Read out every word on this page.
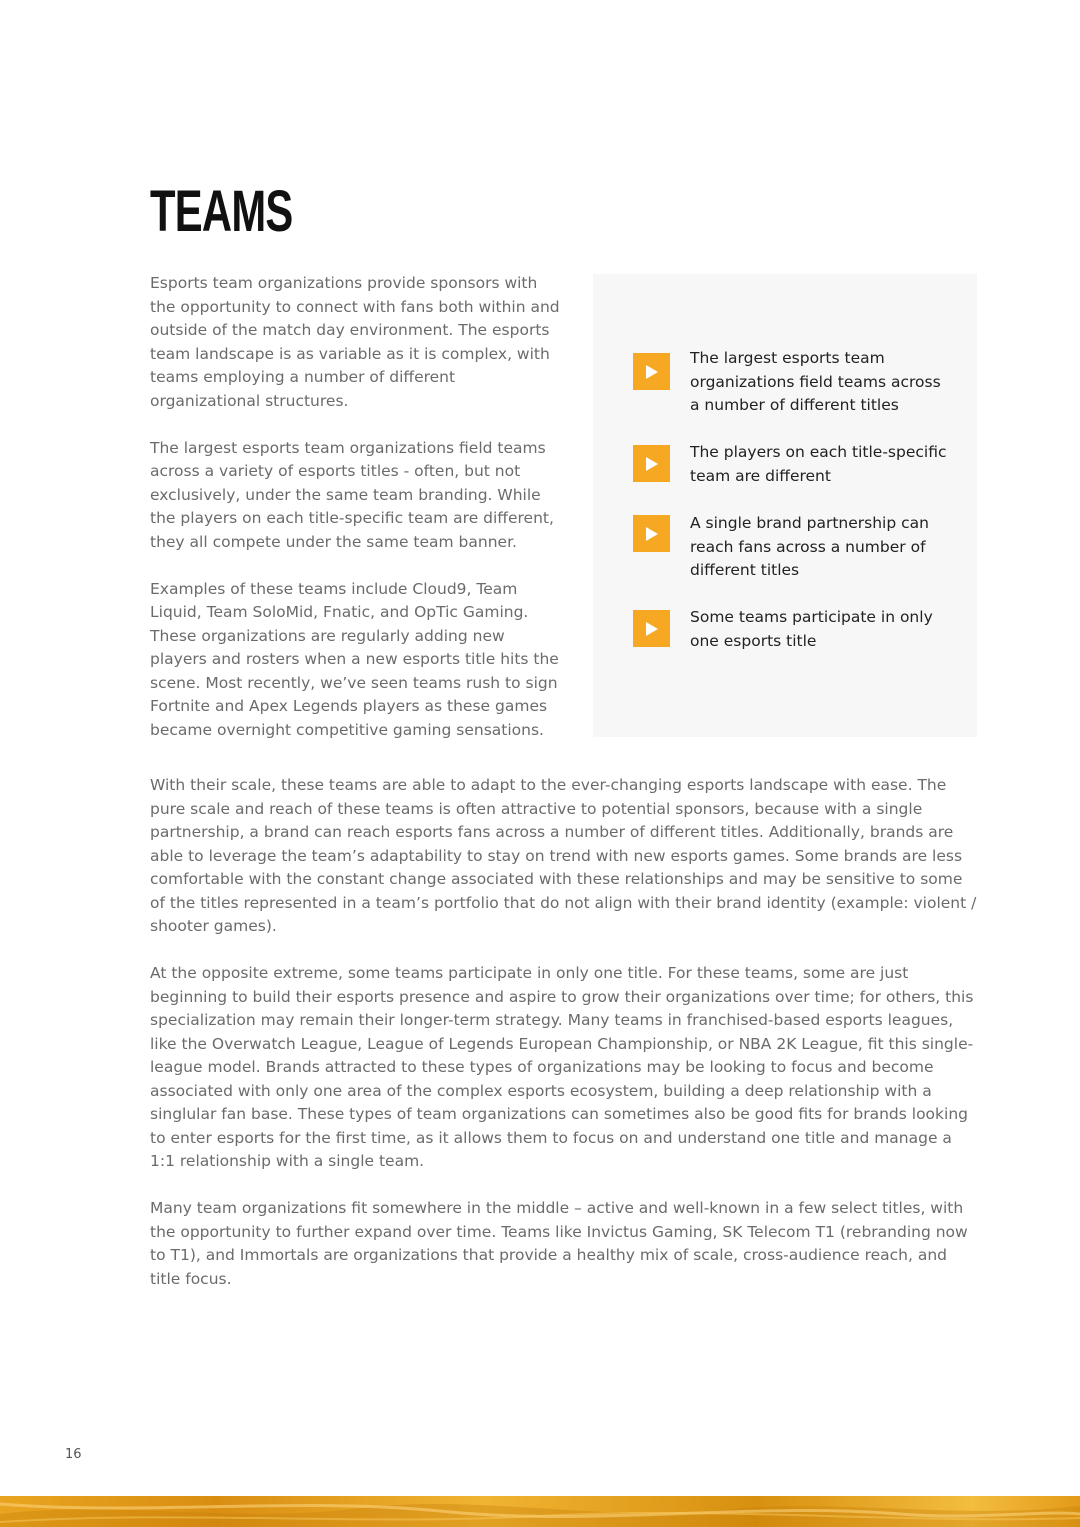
TEAMS

Esports team organizations provide sponsors with the opportunity to connect with fans both within and outside of the match day environment. The esports team landscape is as variable as it is complex, with teams employing a number of different organizational structures.

The largest esports team organizations field teams across a variety of esports titles - often, but not exclusively, under the same team branding. While the players on each title-specific team are different, they all compete under the same team banner.

Examples of these teams include Cloud9, Team Liquid, Team SoloMid, Fnatic, and OpTic Gaming. These organizations are regularly adding new players and rosters when a new esports title hits the scene. Most recently, we’ve seen teams rush to sign Fortnite and Apex Legends players as these games became overnight competitive gaming sensations.

The largest esports team organizations field teams across a number of different titles
The players on each title-specific team are different
A single brand partnership can reach fans across a number of different titles
Some teams participate in only one esports title

With their scale, these teams are able to adapt to the ever-changing esports landscape with ease. The pure scale and reach of these teams is often attractive to potential sponsors, because with a single partnership, a brand can reach esports fans across a number of different titles. Additionally, brands are able to leverage the team’s adaptability to stay on trend with new esports games. Some brands are less comfortable with the constant change associated with these relationships and may be sensitive to some of the titles represented in a team’s portfolio that do not align with their brand identity (example: violent / shooter games).

At the opposite extreme, some teams participate in only one title. For these teams, some are just beginning to build their esports presence and aspire to grow their organizations over time; for others, this specialization may remain their longer-term strategy. Many teams in franchised-based esports leagues, like the Overwatch League, League of Legends European Championship, or NBA 2K League, fit this single-league model. Brands attracted to these types of organizations may be looking to focus and become associated with only one area of the complex esports ecosystem, building a deep relationship with a singlular fan base. These types of team organizations can sometimes also be good fits for brands looking to enter esports for the first time, as it allows them to focus on and understand one title and manage a 1:1 relationship with a single team.

Many team organizations fit somewhere in the middle – active and well-known in a few select titles, with the opportunity to further expand over time. Teams like Invictus Gaming, SK Telecom T1 (rebranding now to T1), and Immortals are organizations that provide a healthy mix of scale, cross-audience reach, and title focus.

16
